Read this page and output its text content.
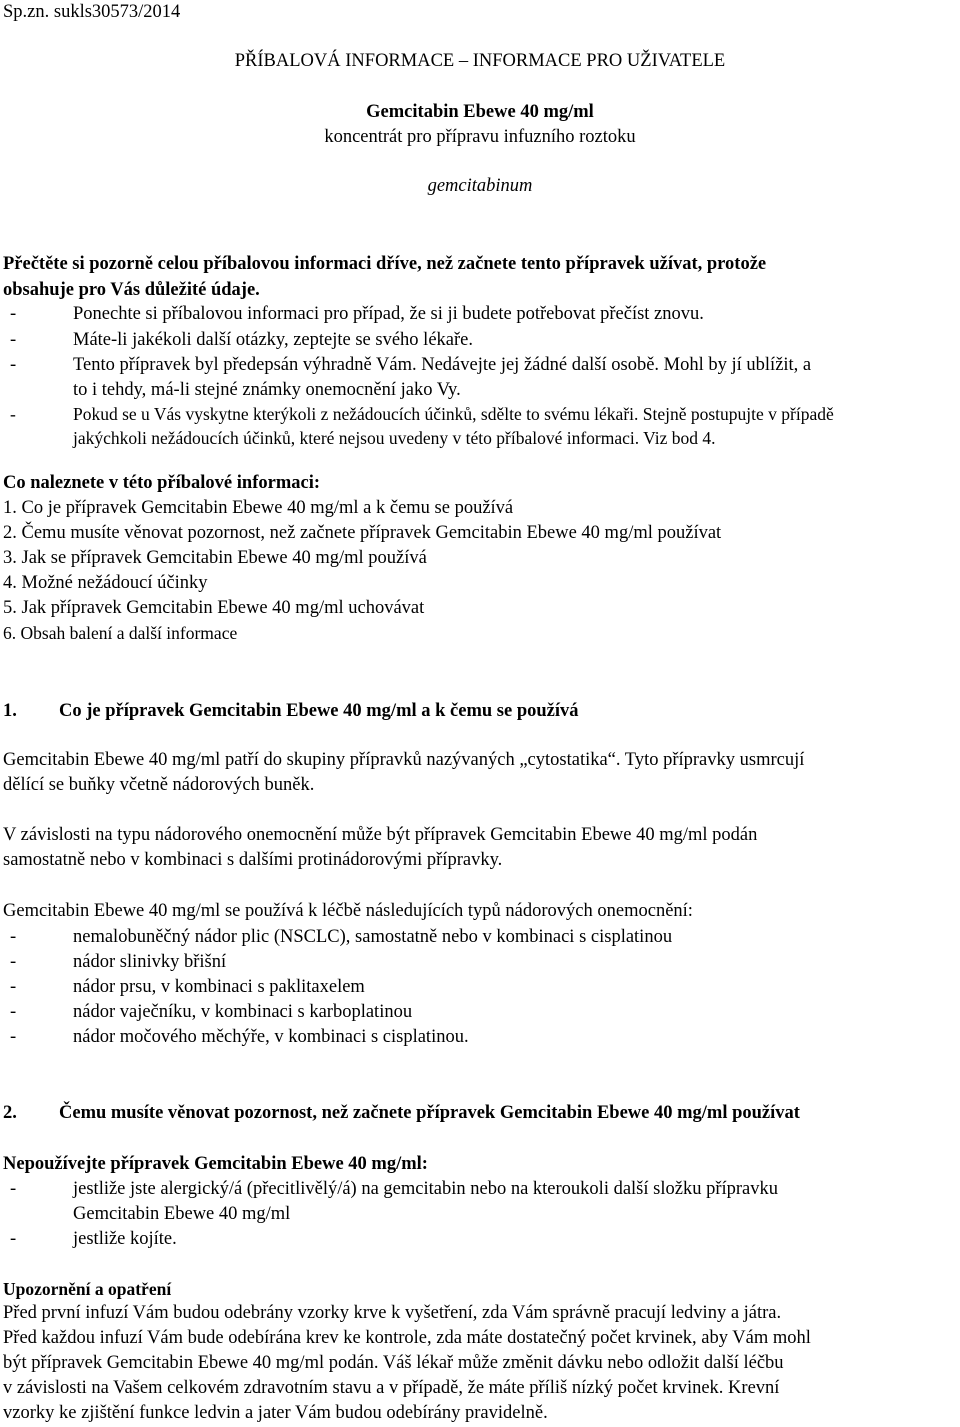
Sp.zn. sukls30573/2014
PŘÍBALOVÁ INFORMACE – INFORMACE PRO UŽIVATELE
Gemcitabin Ebewe 40 mg/ml
koncentrát pro přípravu infuzního roztoku
gemcitabinum
Přečtěte si pozorně celou příbalovou informaci dříve, než začnete tento přípravek užívat, protože
obsahuje pro Vás důležité údaje.
-	Ponechte si příbalovou informaci pro případ, že si ji budete potřebovat přečíst znovu.
-	Máte-li jakékoli další otázky, zeptejte se svého lékaře.
-	Tento přípravek byl předepsán výhradně Vám. Nedávejte jej žádné další osobě. Mohl by jí ublížit, a
to i tehdy, má-li stejné známky onemocnění jako Vy.
-	Pokud se u Vás vyskytne kterýkoli z nežádoucích účinků, sdělte to svému lékaři. Stejně postupujte v případě
jakýchkoli nežádoucích účinků, které nejsou uvedeny v této příbalové informaci. Viz bod 4.
Co naleznete v této příbalové informaci:
1. Co je přípravek Gemcitabin Ebewe 40 mg/ml a k čemu se používá
2. Čemu musíte věnovat pozornost, než začnete přípravek Gemcitabin Ebewe 40 mg/ml používat
3. Jak se přípravek Gemcitabin Ebewe 40 mg/ml používá
4. Možné nežádoucí účinky
5. Jak přípravek Gemcitabin Ebewe 40 mg/ml uchovávat
6. Obsah balení a další informace
1. Co je přípravek Gemcitabin Ebewe 40 mg/ml a k čemu se používá
Gemcitabin Ebewe 40 mg/ml patří do skupiny přípravků nazývaných „cytostatika“. Tyto přípravky usmrcují
dělící se buňky včetně nádorových buněk.
V závislosti na typu nádorového onemocnění může být přípravek Gemcitabin Ebewe 40 mg/ml podán
samostatně nebo v kombinaci s dalšími protinádorovými přípravky.
Gemcitabin Ebewe 40 mg/ml se používá k léčbě následujících typů nádorových onemocnění:
-	nemalobuněčný nádor plic (NSCLC), samostatně nebo v kombinaci s cisplatinou
-	nádor slinivky břišní
-	nádor prsu, v kombinaci s paklitaxelem
-	nádor vaječníku, v kombinaci s karboplatinou
-	nádor močového měchýře, v kombinaci s cisplatinou.
2. Čemu musíte věnovat pozornost, než začnete přípravek Gemcitabin Ebewe 40 mg/ml používat
Nepoužívejte přípravek Gemcitabin Ebewe 40 mg/ml:
-	jestliže jste alergický/á (přecitlivělý/á) na gemcitabin nebo na kteroukoli další složku přípravku
Gemcitabin Ebewe 40 mg/ml
-	jestliže kojíte.
Upozornění a opatření
Před první infuzí Vám budou odebrány vzorky krve k vyšetření, zda Vám správně pracují ledviny a játra.
Před každou infuzí Vám bude odebírána krev ke kontrole, zda máte dostatečný počet krvinek, aby Vám mohl
být přípravek Gemcitabin Ebewe 40 mg/ml podán. Váš lékař může změnit dávku nebo odložit další léčbu
v závislosti na Vašem celkovém zdravotním stavu a v případě, že máte příliš nízký počet krvinek. Krevní
vzorky ke zjištění funkce ledvin a jater Vám budou odebírány pravidelně.
